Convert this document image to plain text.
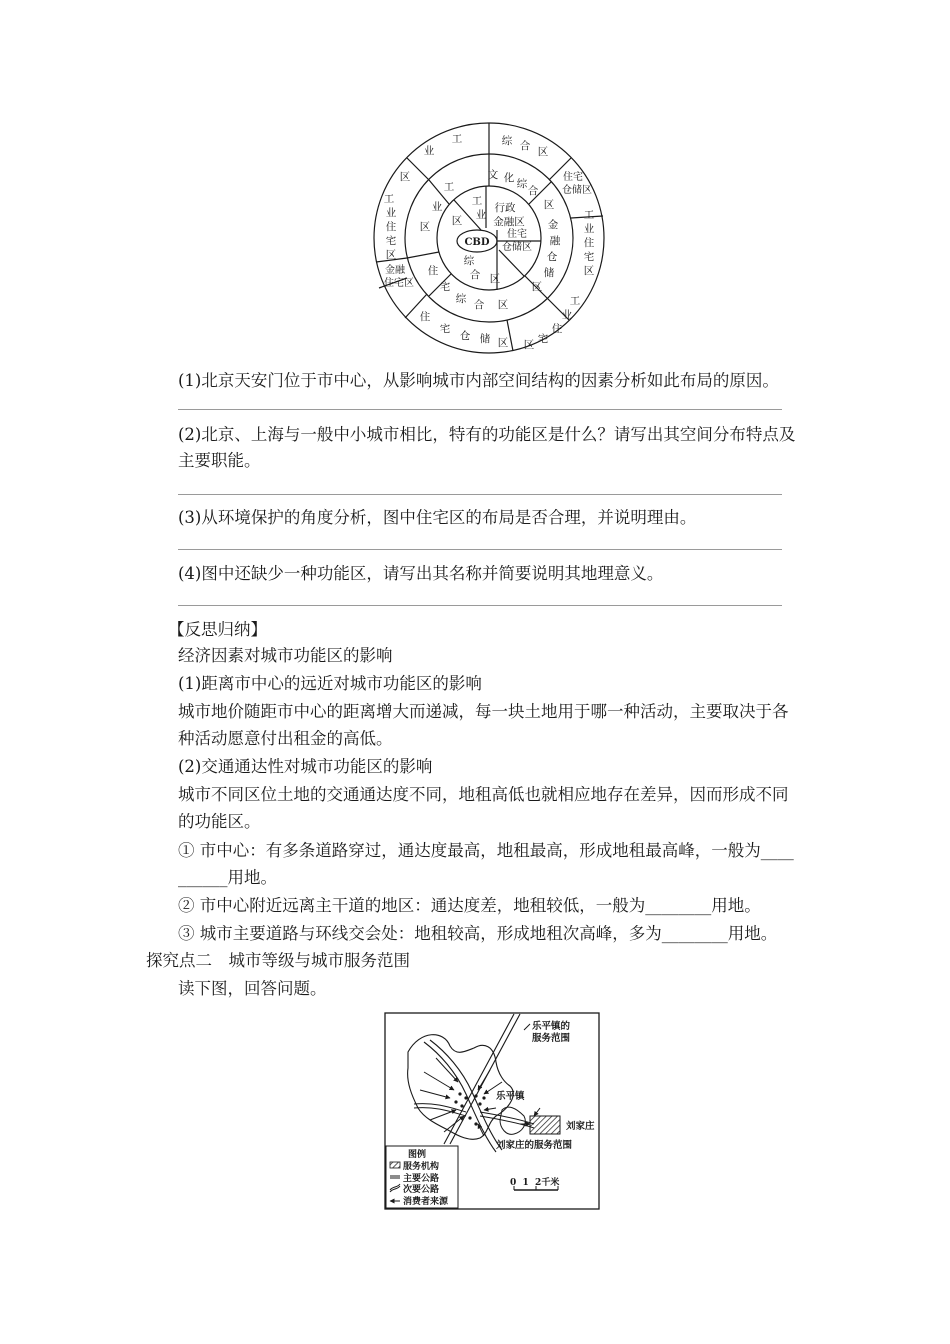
CBD
行政
金融区
住宅
仓储区
综
合 区
工
业
区
文 化 综
合
区
金
融
仓
储
区
住
宅
综 合 区
工
业
区
综 合 区
住宅
仓储区
工
业
住
宅
区
工
业
住
宅
区
金融
住宅区
业
工
区
住
宅
仓 储 区
工
业
住
宅
区
(1)北京天安门位于市中心，从影响城市内部空间结构的因素分析如此布局的原因。
(2)北京、上海与一般中小城市相比，特有的功能区是什么？请写出其空间分布特点及
主要职能。
(3)从环境保护的角度分析，图中住宅区的布局是否合理，并说明理由。
(4)图中还缺少一种功能区，请写出其名称并简要说明其地理意义。
【反思归纳】
经济因素对城市功能区的影响
(1)距离市中心的远近对城市功能区的影响
城市地价随距市中心的距离增大而递减，每一块土地用于哪一种活动，主要取决于各
种活动愿意付出租金的高低。
(2)交通通达性对城市功能区的影响
城市不同区位土地的交通通达度不同，地租高低也就相应地存在差异，因而形成不同
的功能区。
① 市中心：有多条道路穿过，通达度最高，地租最高，形成地租最高峰，一般为____
______用地。
② 市中心附近远离主干道的地区：通达度差，地租较低，一般为________用地。
③ 城市主要道路与环线交会处：地租较高，形成地租次高峰，多为________用地。
探究点二　城市等级与城市服务范围
读下图，回答问题。
乐平镇的
服务范围
乐平镇
刘家庄
刘家庄的服务范围
图例
服务机构
主要公路
次要公路
消费者来源
0  1  2千米
